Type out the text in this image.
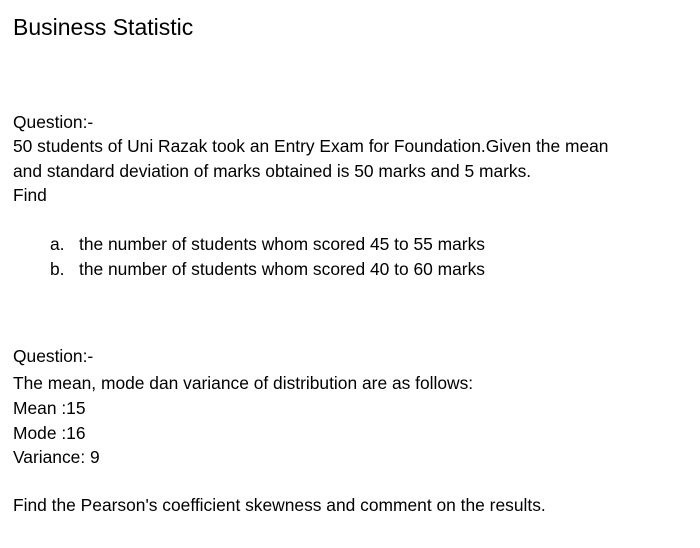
Business Statistic
Question:-
50 students of Uni Razak took an Entry Exam for Foundation.Given the mean
and standard deviation of marks obtained is 50 marks and 5 marks.
Find
a. the number of students whom scored 45 to 55 marks
b. the number of students whom scored 40 to 60 marks
Question:-
The mean, mode dan variance of distribution are as follows:
Mean :15
Mode :16
Variance: 9
Find the Pearson's coefficient skewness and comment on the results.
